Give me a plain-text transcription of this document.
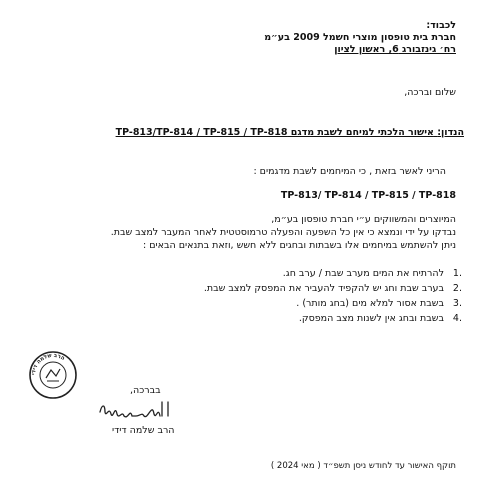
לכבוד:
חברת בית טופסון מוצרי חשמל 2009 בע״מ
רח׳ גינזבורג 6, ראשון לציון
שלום וברכה,
הנדון: אישור הלכתי למיחם לשבת מדגם TP-813/TP-814 / TP-815 / TP-818
הריני לאשר בזאת , כי המיחמים לשבת מדגמים :
TP-813/ TP-814 / TP-815 / TP-818
המיוצרים והמשווקים ע״י חברת טופסון בע״מ,
נבדקו על ידי ונמצא כי אין כל השפעה והפעלה טרמוסטטית לאחר המעבר למצב שבת.
ניתן להשתמש במיחמים אלו בשבתות ובחגים ללא חשש ,וזאת בתנאים הבאים :
1.
להרתיח את המים מערב שבת / ערב חג.
2.
בערב שבת וחג יש להקפיד להעביר את המפסק למצב שבת.
3.
בשבת אסור למלא מים (בחג מותר) .
4.
בשבת ובחג אין לשנות מצב המפסק.
הרב שלמה דידי
בברכה,
הרב שלמה דידי
תוקף האישור עד לחודש ניסן תשפ״ד ( מאי 2024 )
